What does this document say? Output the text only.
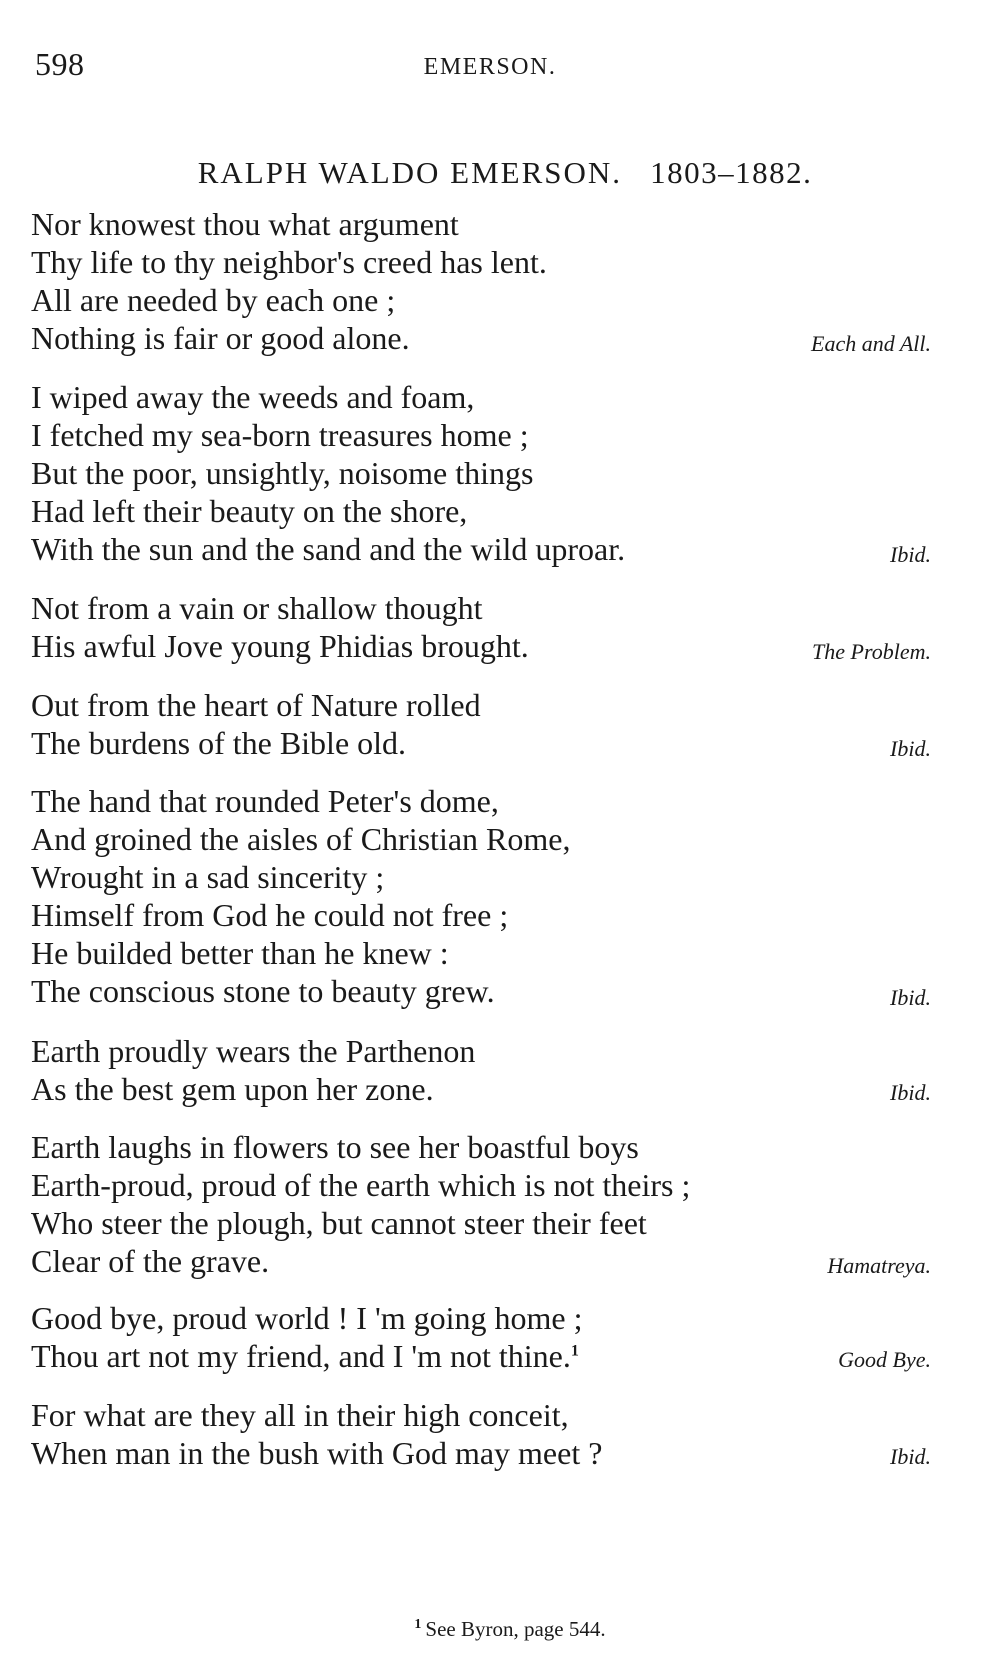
598	EMERSON.
RALPH WALDO EMERSON. 1803–1882.
Nor knowest thou what argument
Thy life to thy neighbor's creed has lent.
All are needed by each one ;
Nothing is fair or good alone.	Each and All.
I wiped away the weeds and foam,
I fetched my sea-born treasures home ;
But the poor, unsightly, noisome things
Had left their beauty on the shore,
With the sun and the sand and the wild uproar.	Ibid.
Not from a vain or shallow thought
His awful Jove young Phidias brought.	The Problem.
Out from the heart of Nature rolled
The burdens of the Bible old.	Ibid.
The hand that rounded Peter's dome,
And groined the aisles of Christian Rome,
Wrought in a sad sincerity ;
Himself from God he could not free ;
He builded better than he knew :
The conscious stone to beauty grew.	Ibid.
Earth proudly wears the Parthenon
As the best gem upon her zone.	Ibid.
Earth laughs in flowers to see her boastful boys
Earth-proud, proud of the earth which is not theirs ;
Who steer the plough, but cannot steer their feet
Clear of the grave.	Hamatreya.
Good bye, proud world ! I 'm going home ;
Thou art not my friend, and I 'm not thine.$^1$	Good Bye.
For what are they all in their high conceit,
When man in the bush with God may meet ?	Ibid.
$^1$ See Byron, page 544.
